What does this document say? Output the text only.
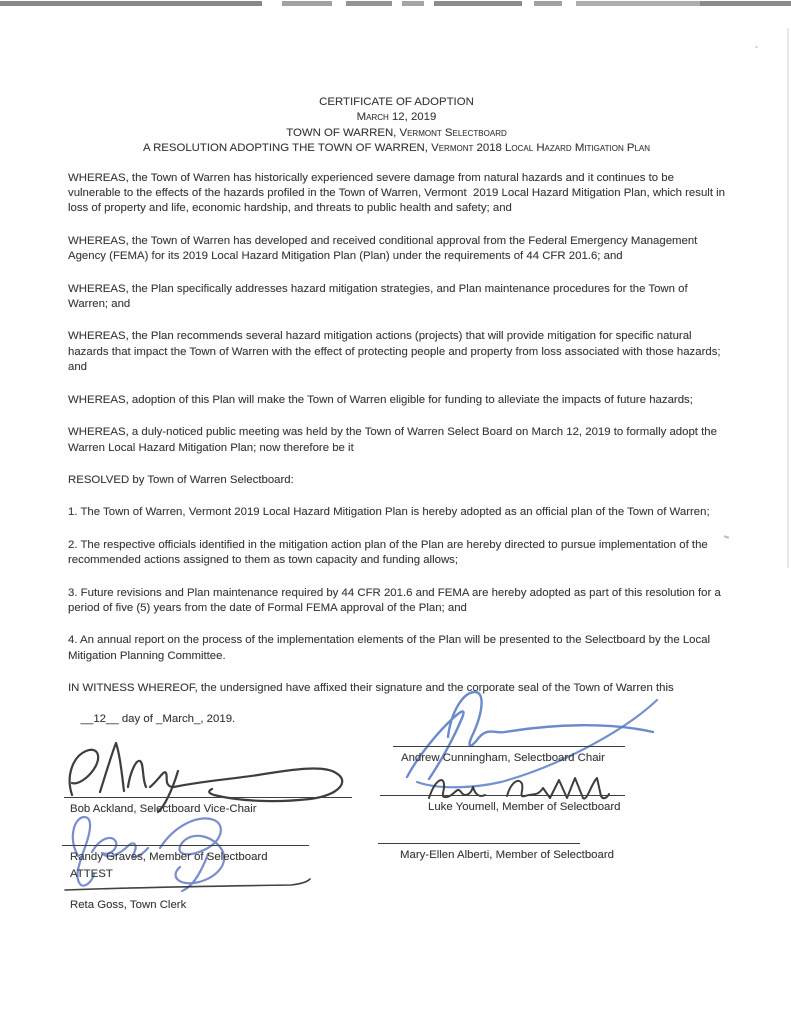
CERTIFICATE OF ADOPTION
March 12, 2019
TOWN OF WARREN, Vermont Selectboard
A RESOLUTION ADOPTING THE TOWN OF WARREN, Vermont 2018 Local Hazard Mitigation Plan

WHEREAS, the Town of Warren has historically experienced severe damage from natural hazards and it continues to be vulnerable to the effects of the hazards profiled in the Town of Warren, Vermont  2019 Local Hazard Mitigation Plan, which result in loss of property and life, economic hardship, and threats to public health and safety; and

WHEREAS, the Town of Warren has developed and received conditional approval from the Federal Emergency Management Agency (FEMA) for its 2019 Local Hazard Mitigation Plan (Plan) under the requirements of 44 CFR 201.6; and

WHEREAS, the Plan specifically addresses hazard mitigation strategies, and Plan maintenance procedures for the Town of Warren; and

WHEREAS, the Plan recommends several hazard mitigation actions (projects) that will provide mitigation for specific natural hazards that impact the Town of Warren with the effect of protecting people and property from loss associated with those hazards; and

WHEREAS, adoption of this Plan will make the Town of Warren eligible for funding to alleviate the impacts of future hazards;

WHEREAS, a duly-noticed public meeting was held by the Town of Warren Select Board on March 12, 2019 to formally adopt the Warren Local Hazard Mitigation Plan; now therefore be it

RESOLVED by Town of Warren Selectboard:

1. The Town of Warren, Vermont 2019 Local Hazard Mitigation Plan is hereby adopted as an official plan of the Town of Warren;

2. The respective officials identified in the mitigation action plan of the Plan are hereby directed to pursue implementation of the recommended actions assigned to them as town capacity and funding allows;

3. Future revisions and Plan maintenance required by 44 CFR 201.6 and FEMA are hereby adopted as part of this resolution for a period of five (5) years from the date of Formal FEMA approval of the Plan; and

4. An annual report on the process of the implementation elements of the Plan will be presented to the Selectboard by the Local Mitigation Planning Committee.

IN WITNESS WHEREOF, the undersigned have affixed their signature and the corporate seal of the Town of Warren this

__12__ day of _March_, 2019.

Andrew Cunningham, Selectboard Chair
Bob Ackland, Selectboard Vice-Chair	Luke Youmell, Member of Selectboard
Randy Graves, Member of Selectboard
ATTEST
Mary-Ellen Alberti, Member of Selectboard
Reta Goss, Town Clerk
